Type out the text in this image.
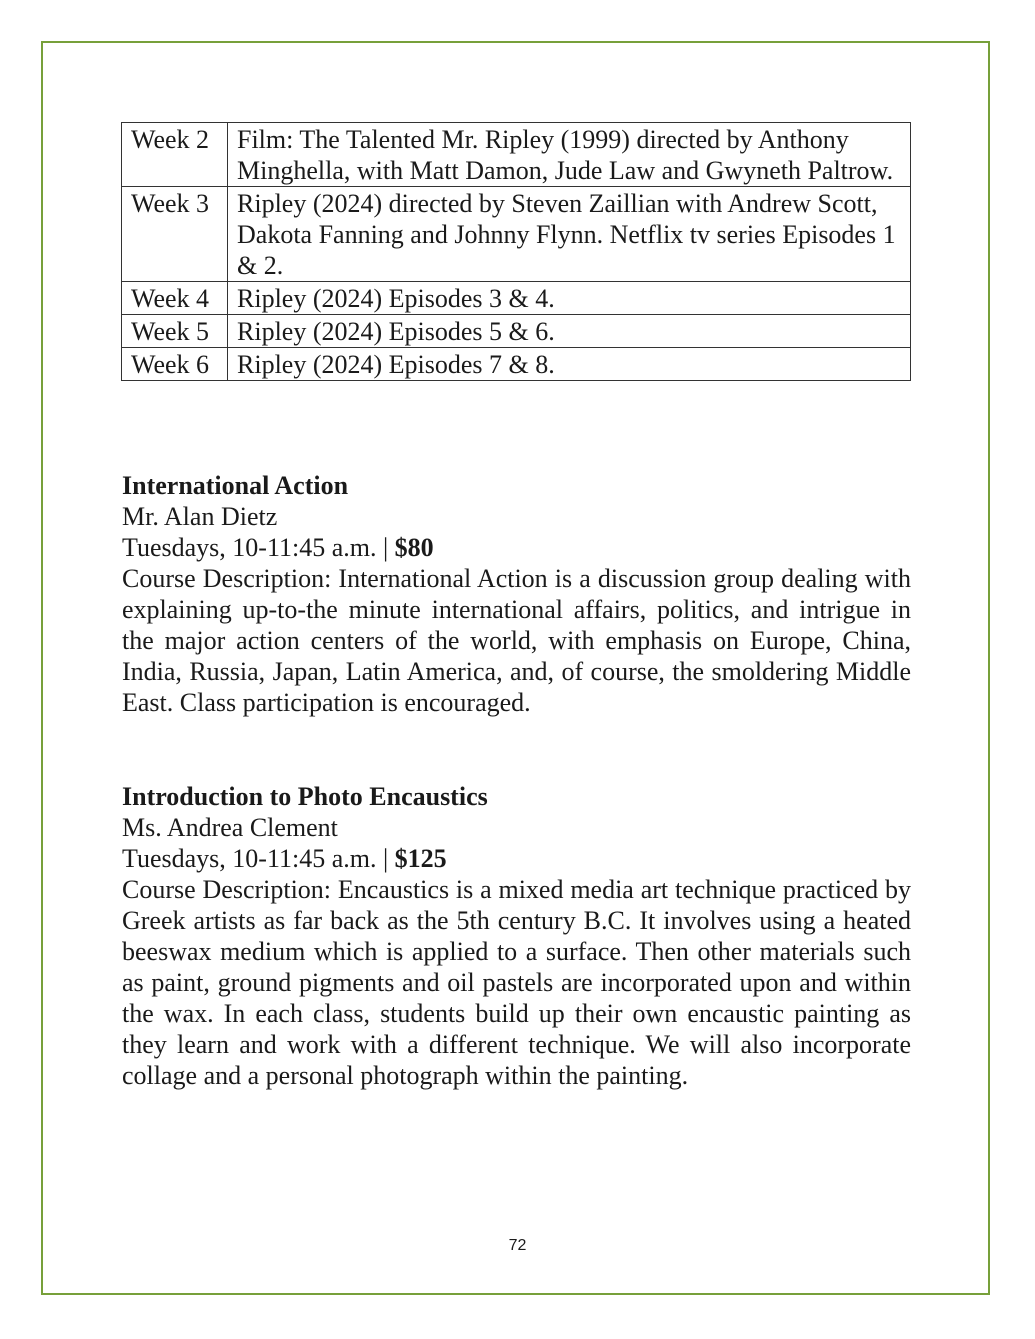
Week 2	Film: The Talented Mr. Ripley (1999) directed by Anthony Minghella, with Matt Damon, Jude Law and Gwyneth Paltrow.
Week 3	Ripley (2024) directed by Steven Zaillian with Andrew Scott, Dakota Fanning and Johnny Flynn. Netflix tv series Episodes 1 & 2.
Week 4	Ripley (2024) Episodes 3 & 4.
Week 5	Ripley (2024) Episodes 5 & 6.
Week 6	Ripley (2024) Episodes 7 & 8.
International Action
Mr. Alan Dietz
Tuesdays, 10-11:45 a.m. | $80
Course Description: International Action is a discussion group dealing with explaining up-to-the minute international affairs, politics, and intrigue in the major action centers of the world, with emphasis on Europe, China, India, Russia, Japan, Latin America, and, of course, the smoldering Middle East. Class participation is encouraged.
Introduction to Photo Encaustics
Ms. Andrea Clement
Tuesdays, 10-11:45 a.m. | $125
Course Description: Encaustics is a mixed media art technique practiced by Greek artists as far back as the 5th century B.C. It involves using a heated beeswax medium which is applied to a surface. Then other materials such as paint, ground pigments and oil pastels are incorporated upon and within the wax. In each class, students build up their own encaustic painting as they learn and work with a different technique. We will also incorporate collage and a personal photograph within the painting.
72
